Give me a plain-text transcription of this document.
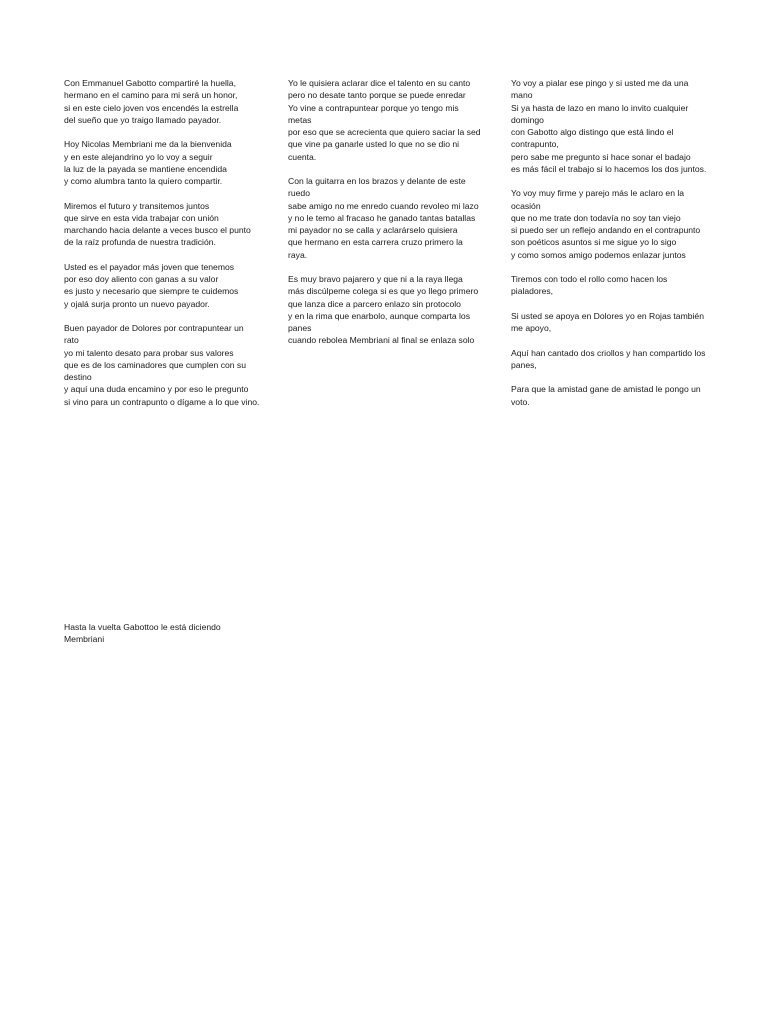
Con Emmanuel Gabotto compartiré la huella,
hermano en el camino para mi será un honor,
si en este cielo joven vos encendés la estrella
del sueño que yo traigo llamado payador.
Hoy Nicolas Membriani me da la bienvenida
y en este alejandrino yo lo voy a seguir
la luz de la payada se mantiene encendida
y como alumbra tanto la quiero compartir.
Miremos el futuro y transitemos juntos
que sirve en esta vida trabajar con unión
marchando hacia delante a veces busco el punto
de la raíz profunda de nuestra tradición.
Usted es el payador más joven que tenemos
por eso doy aliento con ganas a su valor
es justo y necesario que siempre te cuidemos
y ojalá surja pronto un nuevo payador.
Buen payador de Dolores por contrapuntear un rato
yo mi talento desato para probar sus valores
que es de los caminadores que cumplen con su destino
y aquí una duda encamino y por eso le pregunto
si vino para un contrapunto o dígame a lo que vino.
Yo le quisiera aclarar dice el talento en su canto
pero no desate tanto porque se puede enredar
Yo vine a contrapuntear porque yo tengo mis metas
por eso que se acrecienta que quiero saciar la sed
que vine pa ganarle usted lo que no se dio ni cuenta.
Con la guitarra en los brazos y delante de este ruedo
sabe amigo no me enredo cuando revoleo mi lazo
y no le temo al fracaso he ganado tantas batallas
mi payador no se calla y aclarárselo quisiera
que hermano en esta carrera cruzo primero la raya.
Es muy bravo pajarero y que ni a la raya llega
más discúlpeme colega si es que yo llego primero
que lanza dice a parcero enlazo sin protocolo
y en la rima que enarbolo, aunque comparta los panes
cuando rebolea Membriani al final se enlaza solo
Yo voy a pialar ese pingo y si usted me da una mano
Si ya hasta de lazo en mano lo invito cualquier domingo
con Gabotto algo distingo que está lindo el contrapunto,
pero sabe me pregunto si hace sonar el badajo
es más fácil el trabajo si lo hacemos los dos juntos.
Yo voy muy firme y parejo más le aclaro en la ocasión
que no me trate don todavía no soy tan viejo
si puedo ser un reflejo andando en el contrapunto
son poéticos asuntos si me sigue yo lo sigo
y como somos amigo podemos enlazar juntos
Tiremos con todo el rollo como hacen los pialadores,
Si usted se apoya en Dolores yo en Rojas también me apoyo,
Aquí han cantado dos criollos y han compartido los panes,
Para que la amistad gane de amistad le pongo un voto.
Hasta la vuelta Gabottoo le está diciendo Membriani
